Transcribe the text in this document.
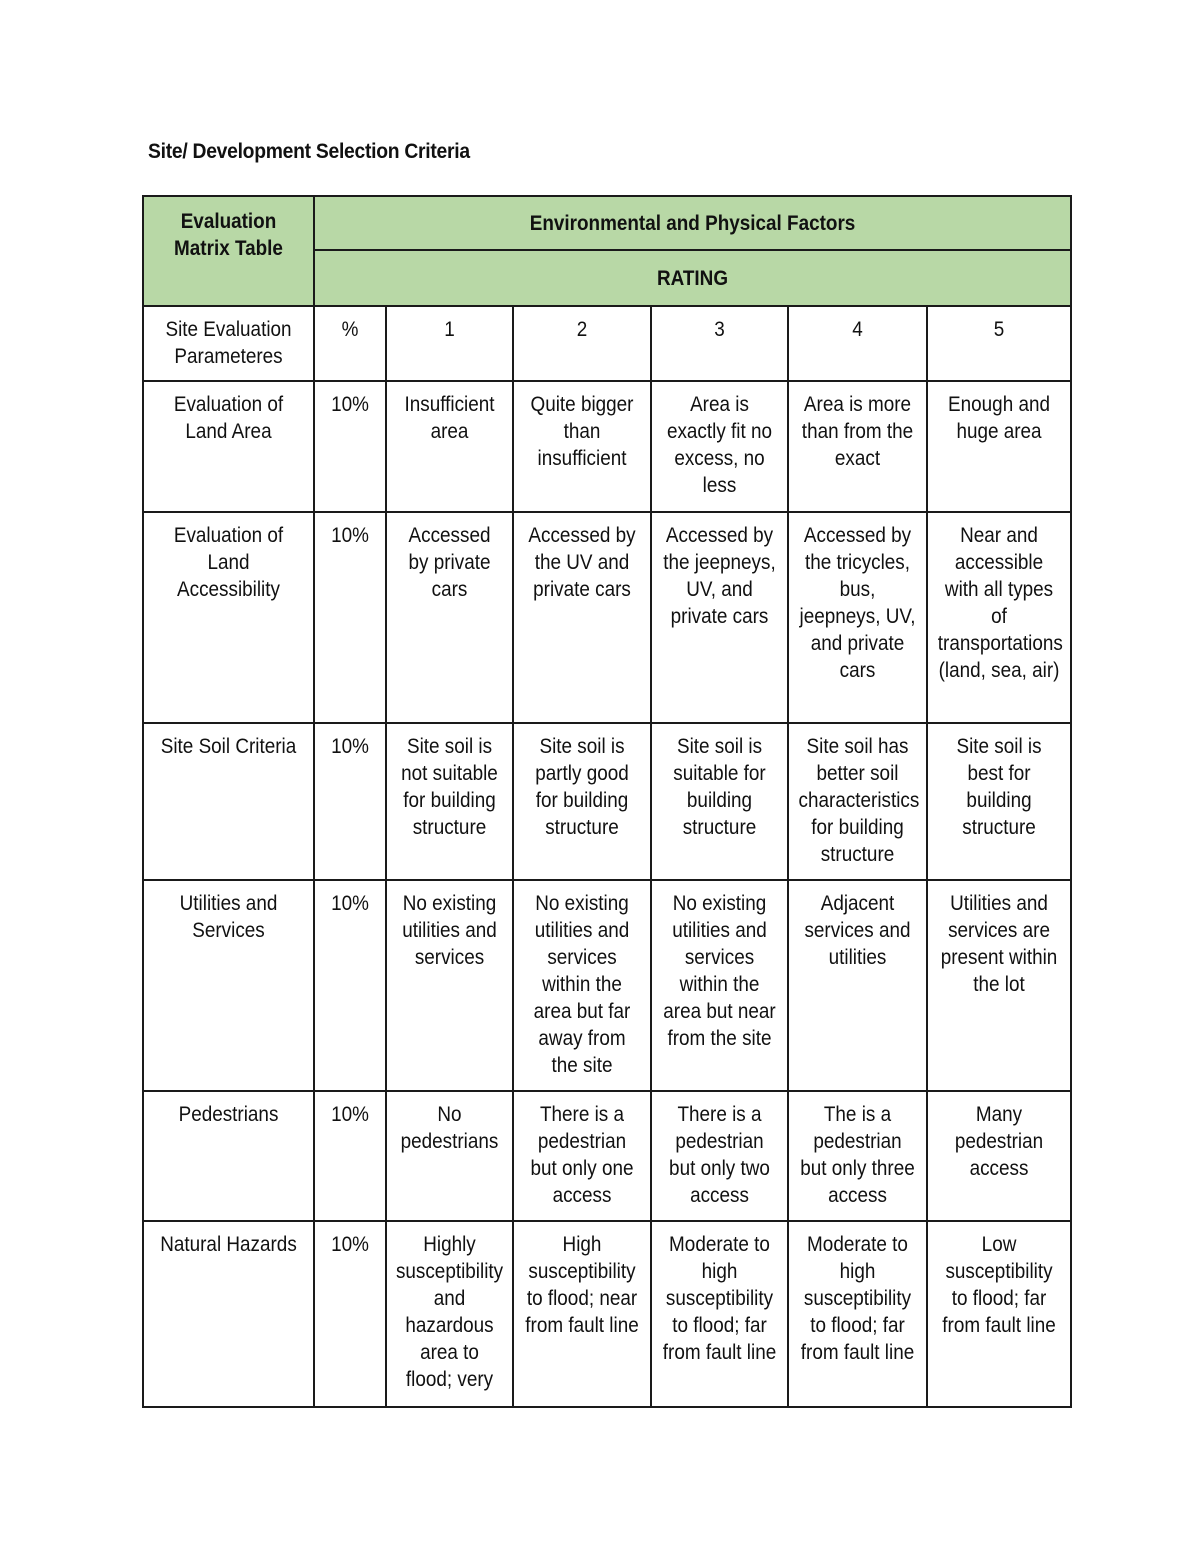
Site/ Development Selection Criteria
Evaluation Matrix Table	Environmental and Physical Factors					

	RATING					

Site Evaluation Parameteres	%	1	2	3	4	5

Evaluation of Land Area	10%	Insufficient area	Quite bigger than insufficient	Area is exactly fit no excess, no less	Area is more than from the exact	Enough and huge area

Evaluation of Land Accessibility	10%	Accessed by private cars	Accessed by the UV and private cars	Accessed by the jeepneys, UV, and private cars	Accessed by the tricycles, bus, jeepneys, UV, and private cars	Near and accessible with all types of transportations (land, sea, air)

Site Soil Criteria	10%	Site soil is not suitable for building structure	Site soil is partly good for building structure	Site soil is suitable for building structure	Site soil has better soil characteristics for building structure	Site soil is best for building structure

Utilities and Services	10%	No existing utilities and services	No existing utilities and services within the area but far away from the site	No existing utilities and services within the area but near from the site	Adjacent services and utilities	Utilities and services are present within the lot

Pedestrians	10%	No pedestrians	There is a pedestrian but only one access	There is a pedestrian but only two access	The is a pedestrian but only three access	Many pedestrian access

Natural Hazards	10%	Highly susceptibility and hazardous area to flood; very	High susceptibility to flood; near from fault line	Moderate to high susceptibility to flood; far from fault line	Moderate to high susceptibility to flood; far from fault line	Low susceptibility to flood; far from fault line
